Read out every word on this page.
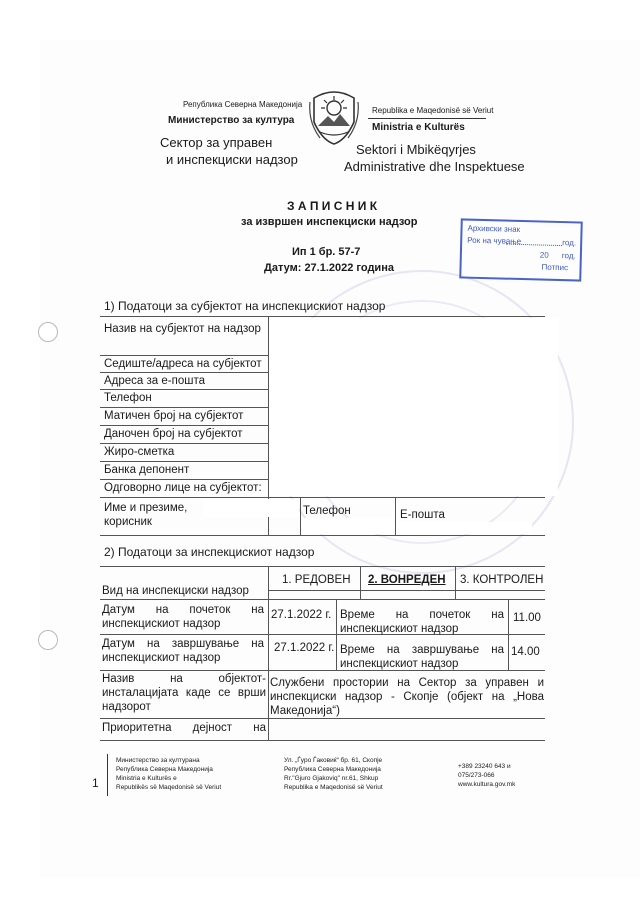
Република Северна Македонија
Министерство за култура
Сектор за управен
и инспекциски надзор
Republika e Maqedonisë së Veriut
Ministria e Kulturës
Sektori i Mbikëqyrjes
Administrative dhe Inspektuese
З А П И С Н И К
за извршен инспекциски надзор
Ип 1 бр. 57-7
Датум: 27.1.2022 година
Архивски знак
Рок на чување	год.
20 год.
Потпис
1) Податоци за субјектот на инспекцискиот надзор
Назив на субјектот на надзор
Седиште/адреса на субјектот
Адреса за е-пошта
Телефон
Матичен број на субјектот
Даночен број на субјектот
Жиро-сметка
Банка депонент
Одговорно лице на субјектот:
Име и презиме,
корисник
Телефон	Е-пошта
2) Податоци за инспекцискиот надзор
Вид на инспекциски надзор
1. РЕДОВЕН 2. ВОНРЕДЕН 3. КОНТРОЛЕН
Датум на почеток на
инспекцискиот надзор
27.1.2022 г. Време на почеток на
инспекцискиот надзор
11.00
Датум на завршување на
инспекцискиот надзор
27.1.2022 г. Време на завршување на
инспекцискиот надзор
14.00
Назив на објектот-
инсталацијата каде се врши
надзорот
Службени простории на Сектор за управен и
инспекциски надзор - Скопје (објект на „Нова
Македонија“)
Приоритетна дејност на
1
Министерство за културана
Република Северна Македонија
Ministria e Kulturës e
Republikës së Maqedonisë së Veriut
Ул. „Ѓуро Ѓаковиќ“ бр. 61, Скопје
Република Северна Македонија
Rr."Gjuro Gjakoviq" nr.61, Shkup
Republika e Maqedonisë së Veriut
+389 23240 643 и
075/273-066
www.kultura.gov.mk
